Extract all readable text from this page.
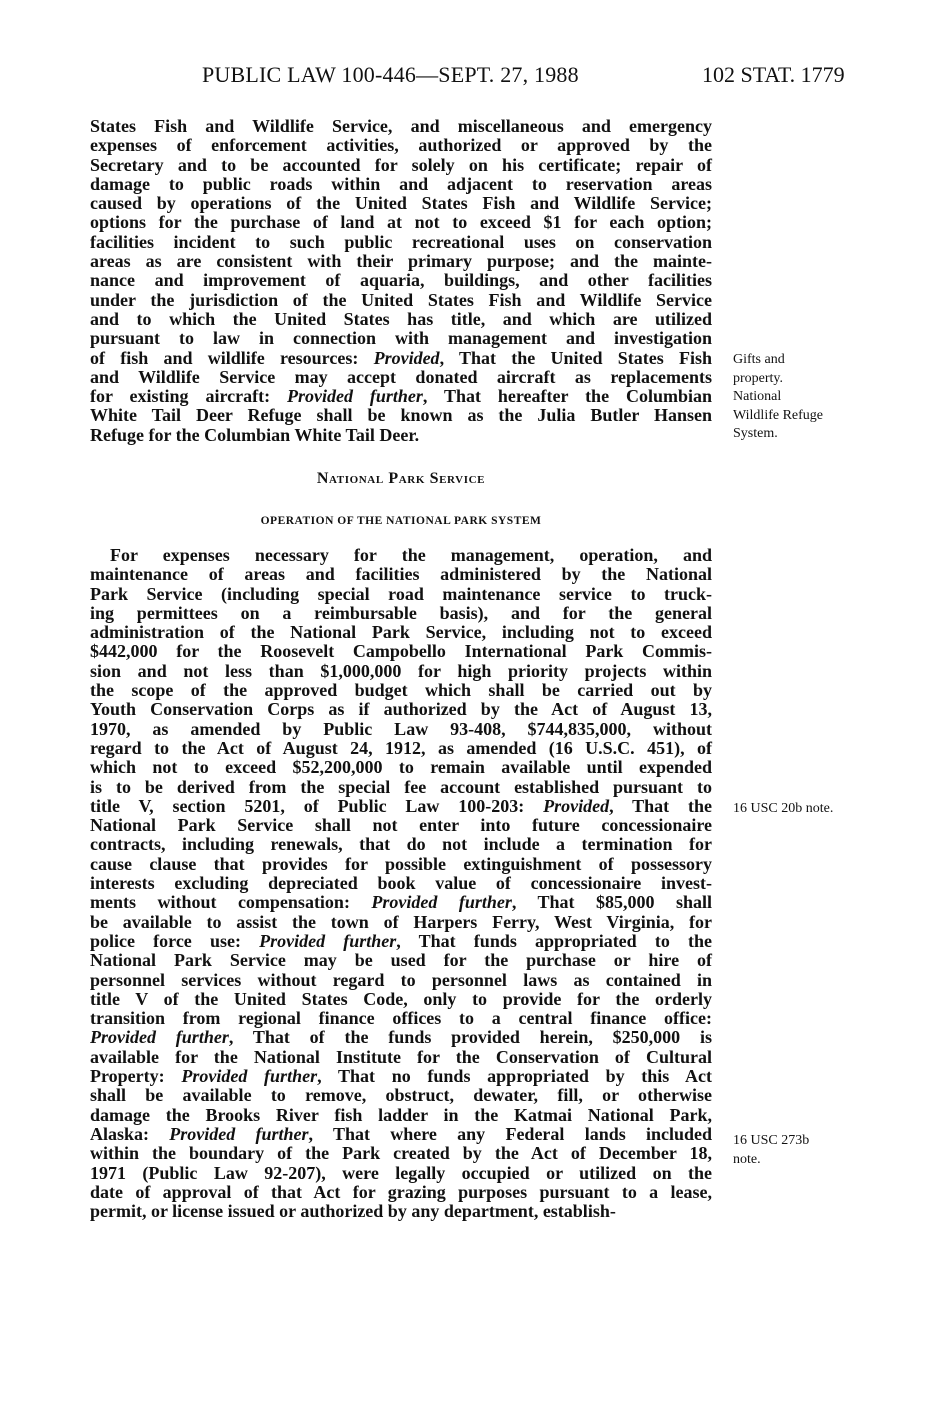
PUBLIC LAW 100-446—SEPT. 27, 1988	102 STAT. 1779
States Fish and Wildlife Service, and miscellaneous and emergency
expenses of enforcement activities, authorized or approved by the
Secretary and to be accounted for solely on his certificate; repair of
damage to public roads within and adjacent to reservation areas
caused by operations of the United States Fish and Wildlife Service;
options for the purchase of land at not to exceed $1 for each option;
facilities incident to such public recreational uses on conservation
areas as are consistent with their primary purpose; and the mainte-
nance and improvement of aquaria, buildings, and other facilities
under the jurisdiction of the United States Fish and Wildlife Service
and to which the United States has title, and which are utilized
pursuant to law in connection with management and investigation
of fish and wildlife resources: Provided, That the United States Fish
and Wildlife Service may accept donated aircraft as replacements
for existing aircraft: Provided further, That hereafter the Columbian
White Tail Deer Refuge shall be known as the Julia Butler Hansen
Refuge for the Columbian White Tail Deer.
National Park Service
OPERATION OF THE NATIONAL PARK SYSTEM
For expenses necessary for the management, operation, and
maintenance of areas and facilities administered by the National
Park Service (including special road maintenance service to truck-
ing permittees on a reimbursable basis), and for the general
administration of the National Park Service, including not to exceed
$442,000 for the Roosevelt Campobello International Park Commis-
sion and not less than $1,000,000 for high priority projects within
the scope of the approved budget which shall be carried out by
Youth Conservation Corps as if authorized by the Act of August 13,
1970, as amended by Public Law 93-408, $744,835,000, without
regard to the Act of August 24, 1912, as amended (16 U.S.C. 451), of
which not to exceed $52,200,000 to remain available until expended
is to be derived from the special fee account established pursuant to
title V, section 5201, of Public Law 100-203: Provided, That the
National Park Service shall not enter into future concessionaire
contracts, including renewals, that do not include a termination for
cause clause that provides for possible extinguishment of possessory
interests excluding depreciated book value of concessionaire invest-
ments without compensation: Provided further, That $85,000 shall
be available to assist the town of Harpers Ferry, West Virginia, for
police force use: Provided further, That funds appropriated to the
National Park Service may be used for the purchase or hire of
personnel services without regard to personnel laws as contained in
title V of the United States Code, only to provide for the orderly
transition from regional finance offices to a central finance office:
Provided further, That of the funds provided herein, $250,000 is
available for the National Institute for the Conservation of Cultural
Property: Provided further, That no funds appropriated by this Act
shall be available to remove, obstruct, dewater, fill, or otherwise
damage the Brooks River fish ladder in the Katmai National Park,
Alaska: Provided further, That where any Federal lands included
within the boundary of the Park created by the Act of December 18,
1971 (Public Law 92-207), were legally occupied or utilized on the
date of approval of that Act for grazing purposes pursuant to a lease,
permit, or license issued or authorized by any department, establish-
Gifts and
property.
National
Wildlife Refuge
System.
16 USC 20b note.
16 USC 273b
note.
